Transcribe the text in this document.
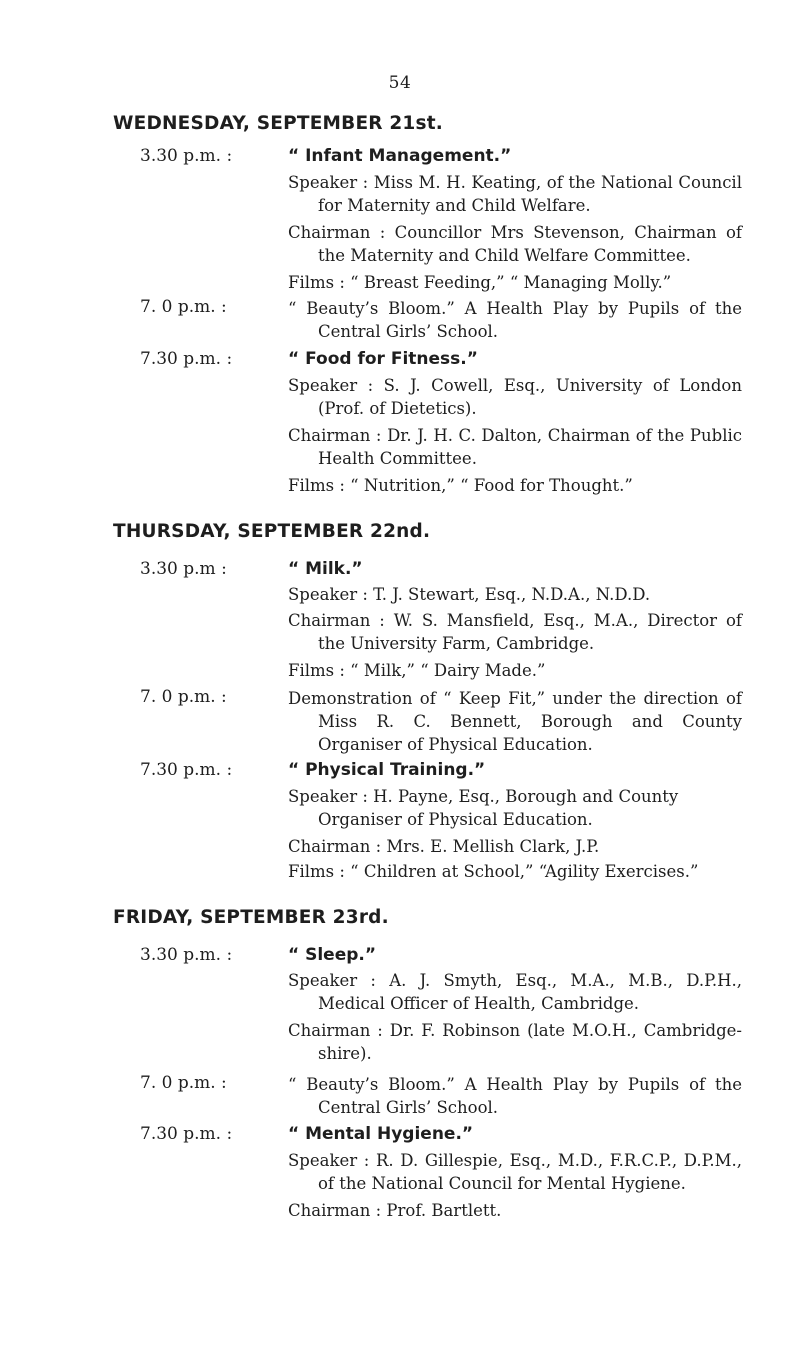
54
WEDNESDAY, SEPTEMBER 21st.
3.30 p.m. :	“ Infant Management.”
Speaker : Miss M. H. Keating, of the National Council for Maternity and Child Welfare.
Chairman : Councillor Mrs Stevenson, Chairman of the Maternity and Child Welfare Committee.
Films : “ Breast Feeding,” “ Managing Molly.”
7. 0 p.m. :	“ Beauty’s Bloom.” A Health Play by Pupils of the Central Girls’ School.
7.30 p.m. :	“ Food for Fitness.”
Speaker : S. J. Cowell, Esq., University of London (Prof. of Dietetics).
Chairman : Dr. J. H. C. Dalton, Chairman of the Public Health Committee.
Films : “ Nutrition,” “ Food for Thought.”
THURSDAY, SEPTEMBER 22nd.
3.30 p.m :	“ Milk.”
Speaker : T. J. Stewart, Esq., N.D.A., N.D.D.
Chairman : W. S. Mansfield, Esq., M.A., Director of the University Farm, Cambridge.
Films : “ Milk,” “ Dairy Made.”
7. 0 p.m. :	Demonstration of “ Keep Fit,” under the direction of Miss R. C. Bennett, Borough and County Organiser of Physical Education.
7.30 p.m. :	“ Physical Training.”
Speaker : H. Payne, Esq., Borough and County Organiser of Physical Education.
Chairman : Mrs. E. Mellish Clark, J.P.
Films : “ Children at School,” “Agility Exercises.”
FRIDAY, SEPTEMBER 23rd.
3.30 p.m. :	“ Sleep.”
Speaker : A. J. Smyth, Esq., M.A., M.B., D.P.H., Medical Officer of Health, Cambridge.
Chairman : Dr. F. Robinson (late M.O.H., Cambridge-shire).
7. 0 p.m. :	“ Beauty’s Bloom.” A Health Play by Pupils of the Central Girls’ School.
7.30 p.m. :	“ Mental Hygiene.”
Speaker : R. D. Gillespie, Esq., M.D., F.R.C.P., D.P.M., of the National Council for Mental Hygiene.
Chairman : Prof. Bartlett.
